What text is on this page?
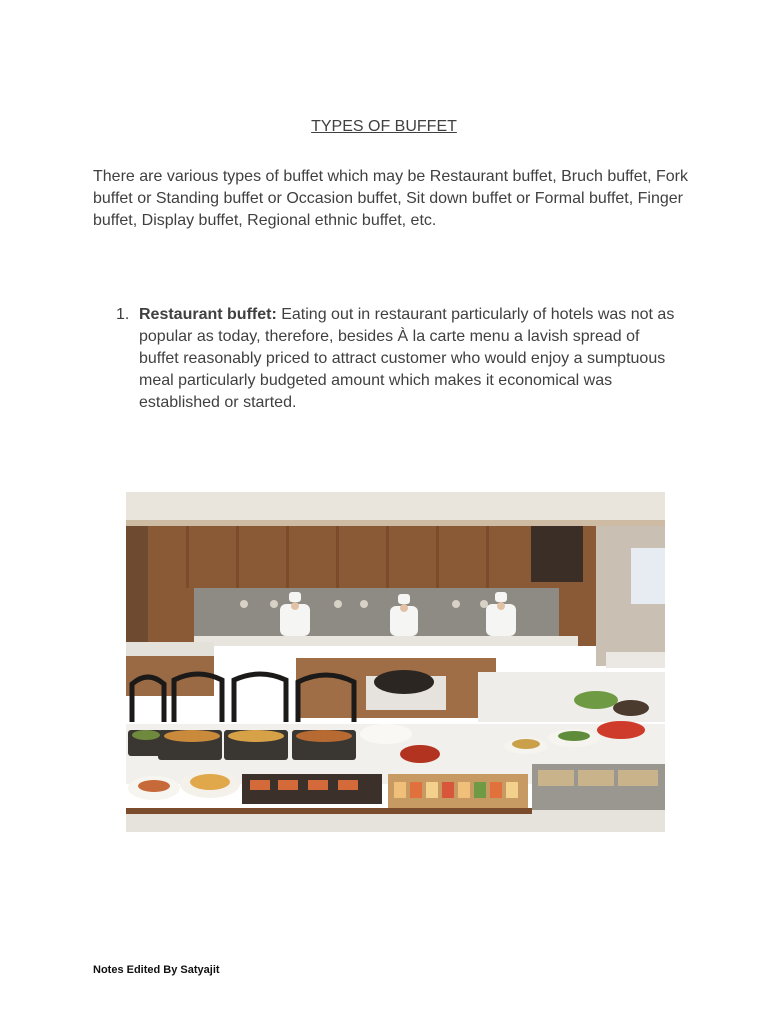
TYPES OF BUFFET
There are various types of buffet which may be Restaurant buffet, Bruch buffet, Fork buffet or Standing buffet or Occasion buffet, Sit down buffet or Formal buffet, Finger buffet, Display buffet, Regional ethnic buffet, etc.
1. Restaurant buffet: Eating out in restaurant particularly of hotels was not as popular as today, therefore, besides À la carte menu a lavish spread of buffet reasonably priced to attract customer who would enjoy a sumptuous meal particularly budgeted amount which makes it economical was established or started.
Notes Edited By Satyajit
